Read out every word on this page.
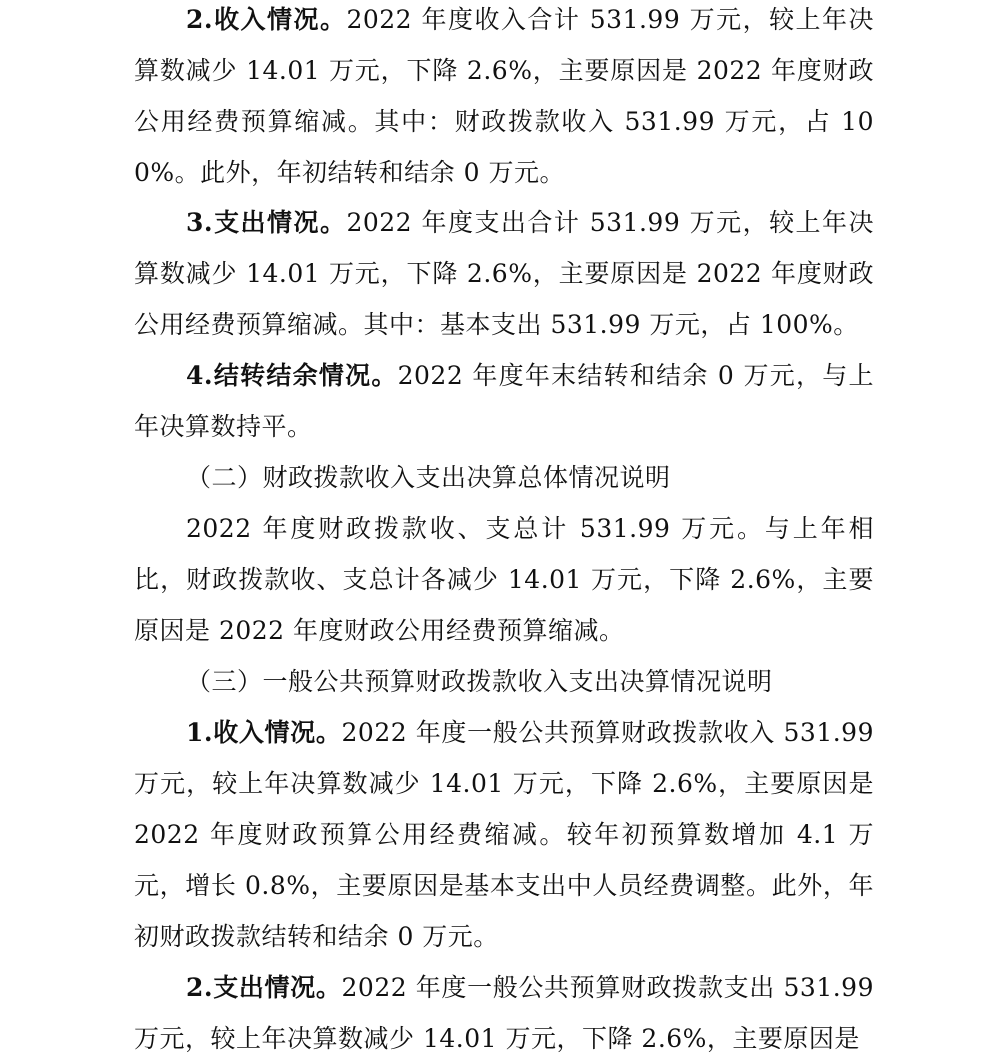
2.收入情况。2022 年度收入合计 531.99 万元，较上年决算数减少 14.01 万元，下降 2.6%，主要原因是 2022 年度财政公用经费预算缩减。其中：财政拨款收入 531.99 万元，占 100%。此外，年初结转和结余 0 万元。

3.支出情况。2022 年度支出合计 531.99 万元，较上年决算数减少 14.01 万元，下降 2.6%，主要原因是 2022 年度财政公用经费预算缩减。其中：基本支出 531.99 万元，占 100%。

4.结转结余情况。2022 年度年末结转和结余 0 万元，与上年决算数持平。

（二）财政拨款收入支出决算总体情况说明

2022 年度财政拨款收、支总计 531.99 万元。与上年相比，财政拨款收、支总计各减少 14.01 万元，下降 2.6%，主要原因是 2022 年度财政公用经费预算缩减。

（三）一般公共预算财政拨款收入支出决算情况说明

1.收入情况。2022 年度一般公共预算财政拨款收入 531.99 万元，较上年决算数减少 14.01 万元，下降 2.6%，主要原因是 2022 年度财政预算公用经费缩减。较年初预算数增加 4.1 万元，增长 0.8%，主要原因是基本支出中人员经费调整。此外，年初财政拨款结转和结余 0 万元。

2.支出情况。2022 年度一般公共预算财政拨款支出 531.99 万元，较上年决算数减少 14.01 万元，下降 2.6%，主要原因是
